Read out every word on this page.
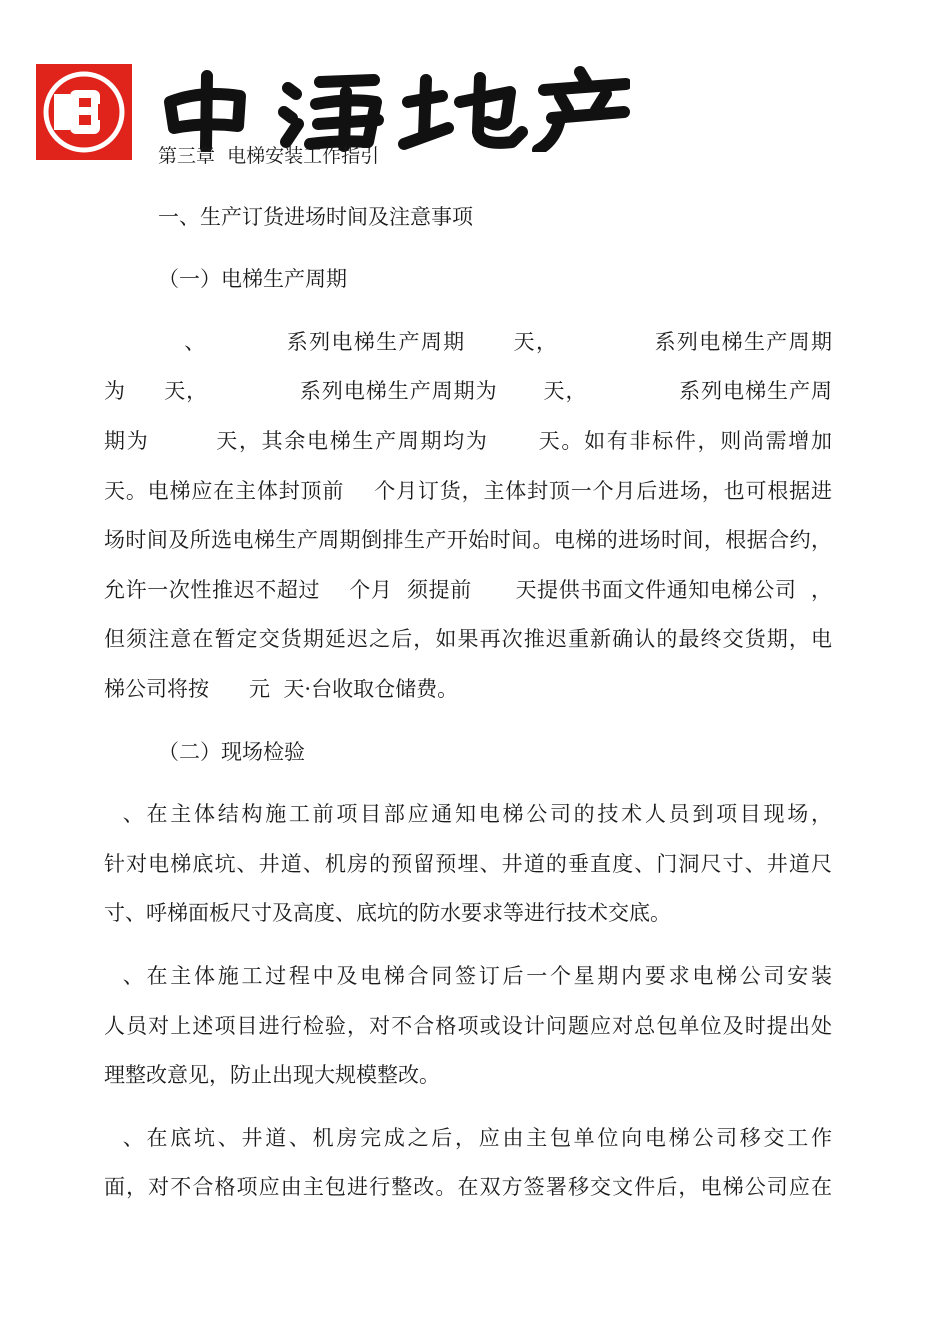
第三章  电梯安装工作指引

一、生产订货进场时间及注意事项

（一）电梯生产周期

、          系列电梯生产周期      天，            系列电梯生产周期

为     天，            系列电梯生产周期为      天，            系列电梯生产周

期为        天，其余电梯生产周期均为      天。如有非标件，则尚需增加

天。电梯应在主体封顶前    个月订货，主体封顶一个月后进场，也可根据进

场时间及所选电梯生产周期倒排生产开始时间。电梯的进场时间，根据合约，

允许一次性推迟不超过    个月  须提前      天提供书面文件通知电梯公司  ，

但须注意在暂定交货期延迟之后，如果再次推迟重新确认的最终交货期，电

梯公司将按      元  天·台收取仓储费。

（二）现场检验

、在主体结构施工前项目部应通知电梯公司的技术人员到项目现场，

针对电梯底坑、井道、机房的预留预埋、井道的垂直度、门洞尺寸、井道尺

寸、呼梯面板尺寸及高度、底坑的防水要求等进行技术交底。

、在主体施工过程中及电梯合同签订后一个星期内要求电梯公司安装

人员对上述项目进行检验，对不合格项或设计问题应对总包单位及时提出处

理整改意见，防止出现大规模整改。

、在底坑、井道、机房完成之后，应由主包单位向电梯公司移交工作

面，对不合格项应由主包进行整改。在双方签署移交文件后，电梯公司应在
